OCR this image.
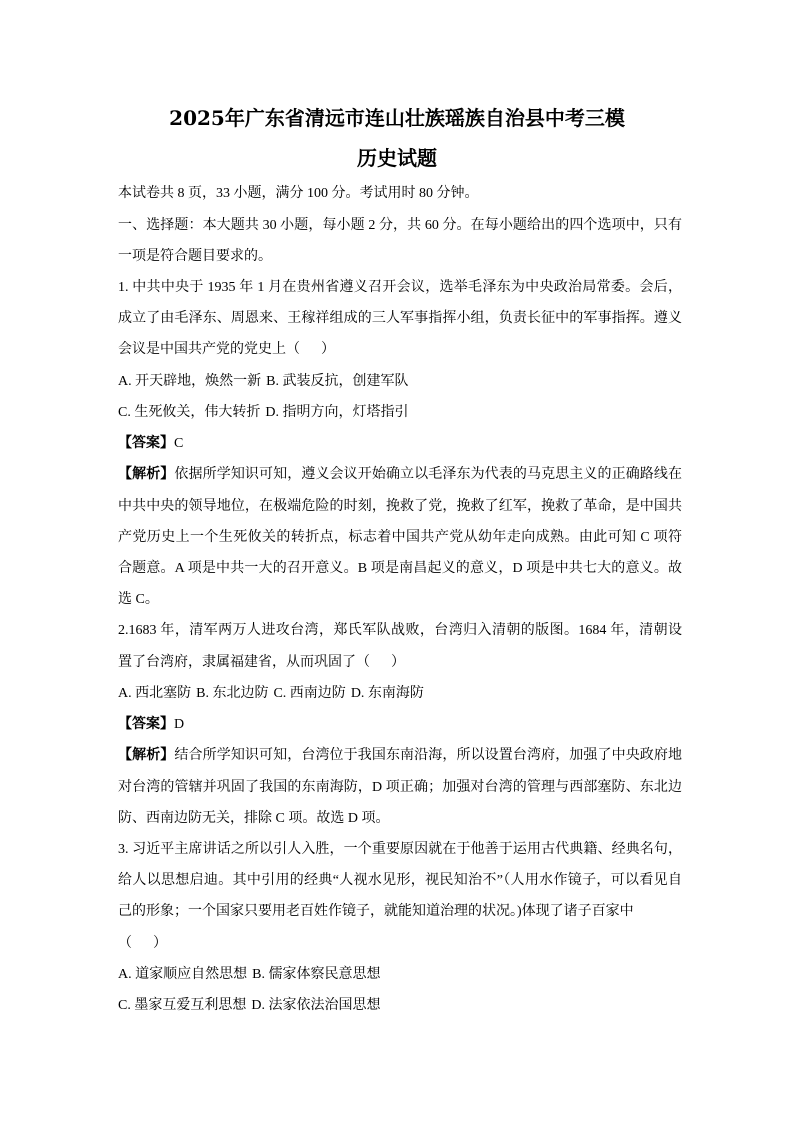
2025年广东省清远市连山壮族瑶族自治县中考三模
历史试题
本试卷共 8 页，33 小题，满分 100 分。考试用时 80 分钟。
一、选择题：本大题共 30 小题，每小题 2 分，共 60 分。在每小题给出的四个选项中，只有
一项是符合题目要求的。
1. 中共中央于 1935 年 1 月在贵州省遵义召开会议，选举毛泽东为中央政治局常委。会后，
成立了由毛泽东、周恩来、王稼祥组成的三人军事指挥小组，负责长征中的军事指挥。遵义
会议是中国共产党的党史上（      ）
A. 开天辟地，焕然一新 B. 武装反抗，创建军队
C. 生死攸关，伟大转折 D. 指明方向，灯塔指引
【答案】C
【解析】依据所学知识可知，遵义会议开始确立以毛泽东为代表的马克思主义的正确路线在
中共中央的领导地位，在极端危险的时刻，挽救了党，挽救了红军，挽救了革命，是中国共
产党历史上一个生死攸关的转折点，标志着中国共产党从幼年走向成熟。由此可知 C 项符
合题意。A 项是中共一大的召开意义。B 项是南昌起义的意义，D 项是中共七大的意义。故
选 C。
2.1683 年，清军两万人进攻台湾，郑氏军队战败，台湾归入清朝的版图。1684 年，清朝设
置了台湾府，隶属福建省，从而巩固了（      ）
A. 西北塞防 B. 东北边防 C. 西南边防 D. 东南海防
【答案】D
【解析】结合所学知识可知，台湾位于我国东南沿海，所以设置台湾府，加强了中央政府地
对台湾的管辖并巩固了我国的东南海防，D 项正确；加强对台湾的管理与西部塞防、东北边
防、西南边防无关，排除 C 项。故选 D 项。
3. 习近平主席讲话之所以引人入胜，一个重要原因就在于他善于运用古代典籍、经典名句，
给人以思想启迪。其中引用的经典“人视水见形，视民知治不”（人用水作镜子，可以看见自
己的形象；一个国家只要用老百姓作镜子，就能知道治理的状况。)体现了诸子百家中
（      ）
A. 道家顺应自然思想 B. 儒家体察民意思想
C. 墨家互爱互利思想 D. 法家依法治国思想
